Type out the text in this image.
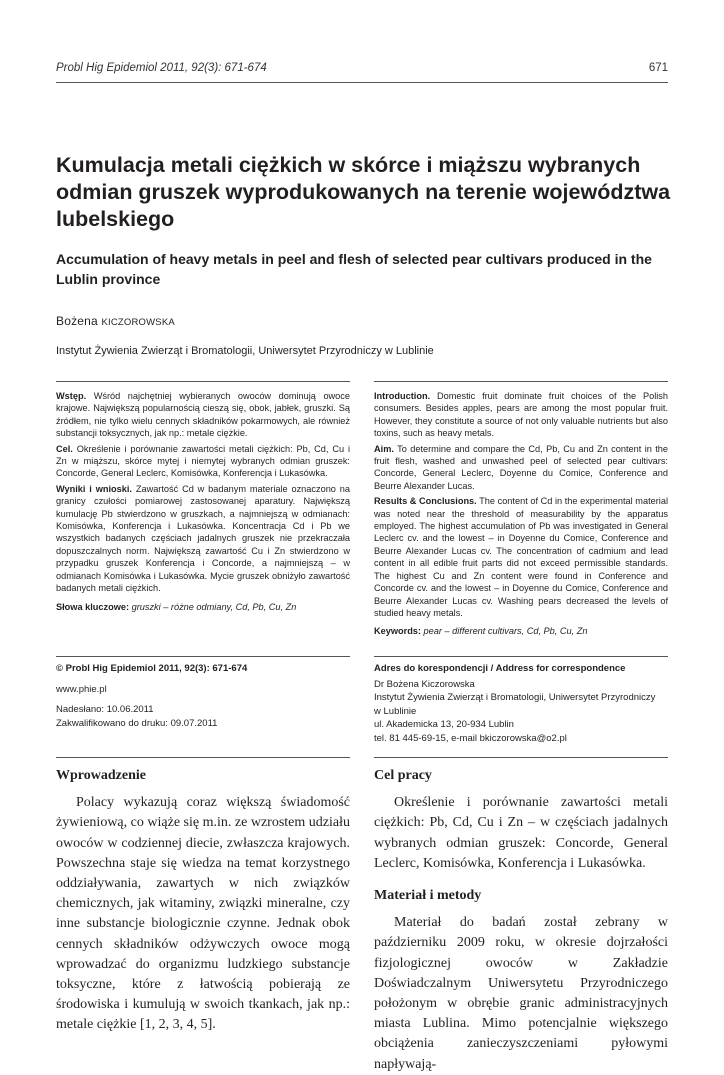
Probl Hig Epidemiol 2011, 92(3): 671-674	671
Kumulacja metali ciężkich w skórce i miąższu wybranych odmian gruszek wyprodukowanych na terenie województwa lubelskiego
Accumulation of heavy metals in peel and flesh of selected pear cultivars produced in the Lublin province
Bożena KICZOROWSKA
Instytut Żywienia Zwierząt i Bromatologii, Uniwersytet Przyrodniczy w Lublinie

Wstęp. Wśród najchętniej wybieranych owoców dominują owoce krajowe. Największą popularnością cieszą się, obok, jabłek, gruszki. Są źródłem, nie tylko wielu cennych składników pokarmowych, ale również substancji toksycznych, jak np.: metale ciężkie.

Cel. Określenie i porównanie zawartości metali ciężkich: Pb, Cd, Cu i Zn w miąższu, skórce mytej i niemytej wybranych odmian gruszek: Concorde, General Leclerc, Komisówka, Konferencja i Lukasówka.

Wyniki i wnioski. Zawartość Cd w badanym materiale oznaczono na granicy czułości pomiarowej zastosowanej aparatury. Największą kumulację Pb stwierdzono w gruszkach, a najmniejszą w odmianach: Komisówka, Konferencja i Lukasówka. Koncentracja Cd i Pb we wszystkich badanych częściach jadalnych gruszek nie przekraczała dopuszczalnych norm. Największą zawartość Cu i Zn stwierdzono w przypadku gruszek Konferencja i Concorde, a najmniejszą – w odmianach Komisówka i Lukasówka. Mycie gruszek obniżyło zawartość badanych metali ciężkich.

Słowa kluczowe: gruszki – różne odmiany, Cd, Pb, Cu, Zn

Introduction. Domestic fruit dominate fruit choices of the Polish consumers. Besides apples, pears are among the most popular fruit. However, they constitute a source of not only valuable nutrients but also toxins, such as heavy metals.

Aim. To determine and compare the Cd, Pb, Cu and Zn content in the fruit flesh, washed and unwashed peel of selected pear cultivars: Concorde, General Leclerc, Doyenne du Comice, Conference and Beurre Alexander Lucas.

Results & Conclusions. The content of Cd in the experimental material was noted near the threshold of measurability by the apparatus employed. The highest accumulation of Pb was investigated in General Leclerc cv. and the lowest – in Doyenne du Comice, Conference and Beurre Alexander Lucas cv. The concentration of cadmium and lead content in all edible fruit parts did not exceed permissible standards. The highest Cu and Zn content were found in Conference and Concorde cv. and the lowest – in Doyenne du Comice, Conference and Beurre Alexander Lucas cv. Washing pears decreased the levels of studied heavy metals.

Keywords: pear – different cultivars, Cd, Pb, Cu, Zn

© Probl Hig Epidemiol 2011, 92(3): 671-674

www.phie.pl

Nadesłano: 10.06.2011

Zakwalifikowano do druku: 09.07.2011

Adres do korespondencji / Address for correspondence

Dr Bożena Kiczorowska

Instytut Żywienia Zwierząt i Bromatologii, Uniwersytet Przyrodniczy

w Lublinie

ul. Akademicka 13, 20-934 Lublin

tel. 81 445-69-15, e-mail bkiczorowska@o2.pl

Wprowadzenie

Polacy wykazują coraz większą świadomość żywieniową, co wiąże się m.in. ze wzrostem udziału owoców w codziennej diecie, zwłaszcza krajowych. Powszechna staje się wiedza na temat korzystnego oddziaływania, zawartych w nich związków chemicznych, jak witaminy, związki mineralne, czy inne substancje biologicznie czynne. Jednak obok cennych składników odżywczych owoce mogą wprowadzać do organizmu ludzkiego substancje toksyczne, które z łatwością pobierają ze środowiska i kumulują w swoich tkankach, jak np.: metale ciężkie [1, 2, 3, 4, 5].

Cel pracy

Określenie i porównanie zawartości metali ciężkich: Pb, Cd, Cu i Zn – w częściach jadalnych wybranych odmian gruszek: Concorde, General Leclerc, Komisówka, Konferencja i Lukasówka.

Materiał i metody

Materiał do badań został zebrany w październiku 2009 roku, w okresie dojrzałości fizjologicznej owoców w Zakładzie Doświadczalnym Uniwersytetu Przyrodniczego położonym w obrębie granic administracyjnych miasta Lublina. Mimo potencjalnie większego obciążenia zanieczyszczeniami pyłowymi napływają-
